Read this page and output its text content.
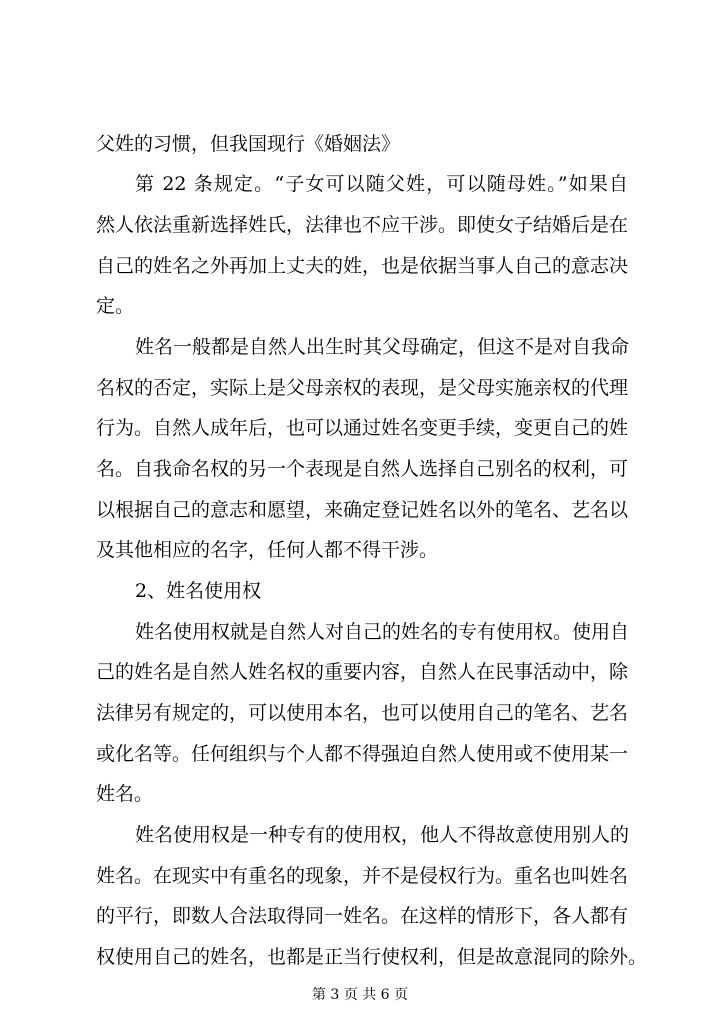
父姓的习惯，但我国现行《婚姻法》
第 22 条规定。“子女可以随父姓，可以随母姓。”如果自
然人依法重新选择姓氏，法律也不应干涉。即使女子结婚后是在
自己的姓名之外再加上丈夫的姓，也是依据当事人自己的意志决
定。
姓名一般都是自然人出生时其父母确定，但这不是对自我命
名权的否定，实际上是父母亲权的表现，是父母实施亲权的代理
行为。自然人成年后，也可以通过姓名变更手续，变更自己的姓
名。自我命名权的另一个表现是自然人选择自己别名的权利，可
以根据自己的意志和愿望，来确定登记姓名以外的笔名、艺名以
及其他相应的名字，任何人都不得干涉。
2、姓名使用权
姓名使用权就是自然人对自己的姓名的专有使用权。使用自
己的姓名是自然人姓名权的重要内容，自然人在民事活动中，除
法律另有规定的，可以使用本名，也可以使用自己的笔名、艺名
或化名等。任何组织与个人都不得强迫自然人使用或不使用某一
姓名。
姓名使用权是一种专有的使用权，他人不得故意使用别人的
姓名。在现实中有重名的现象，并不是侵权行为。重名也叫姓名
的平行，即数人合法取得同一姓名。在这样的情形下，各人都有
权使用自己的姓名，也都是正当行使权利，但是故意混同的除外。
第 3 页 共 6 页
